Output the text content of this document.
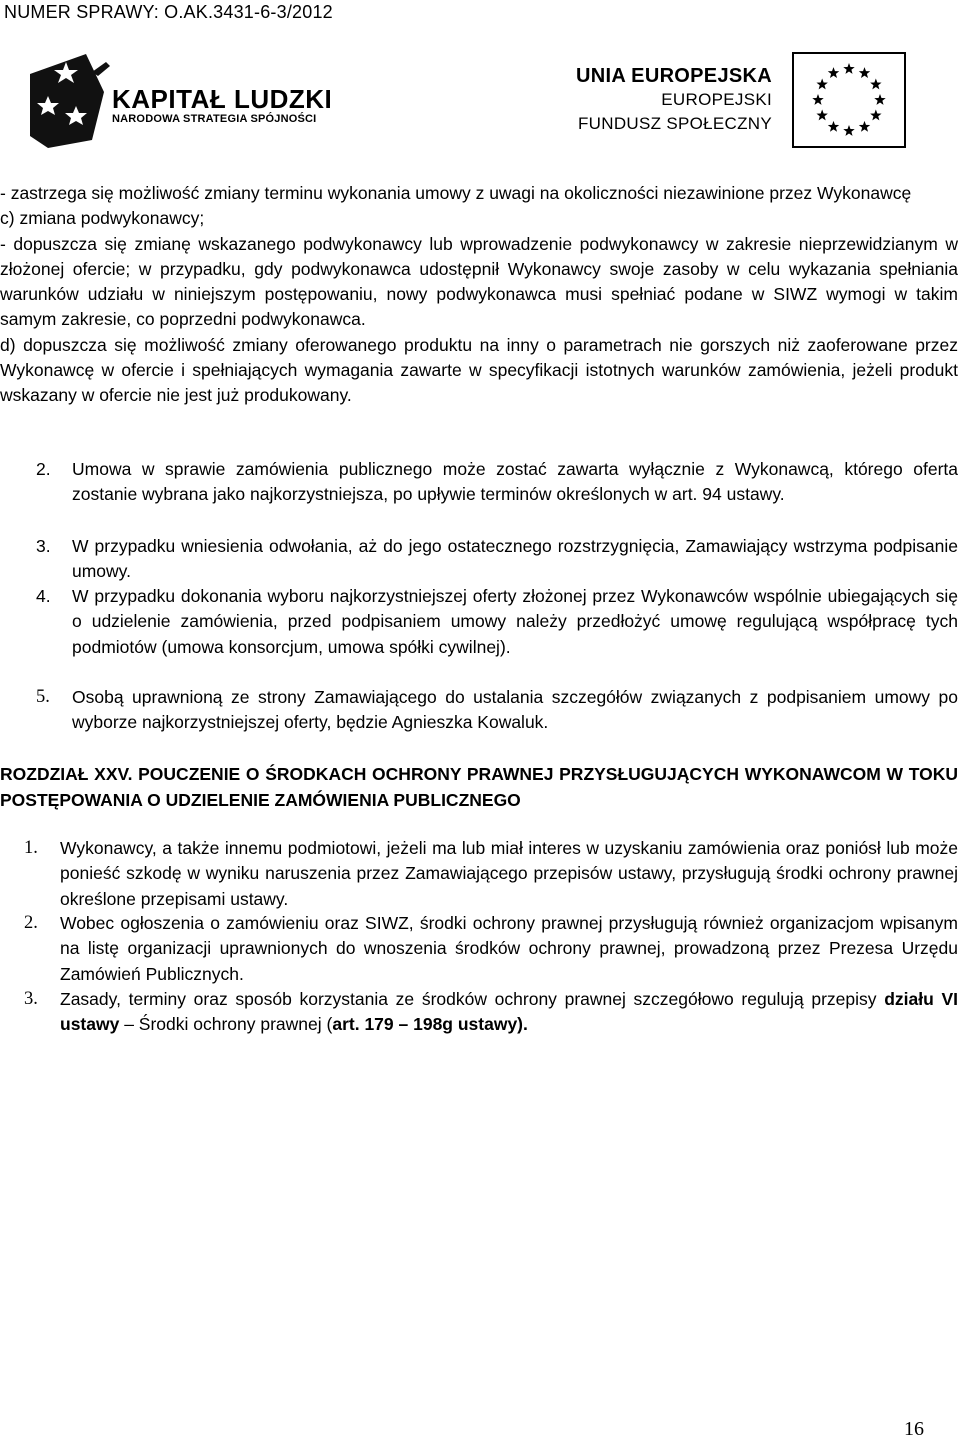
NUMER SPRAWY: O.AK.3431-6-3/2012
KAPITAŁ LUDZKI
NARODOWA STRATEGIA SPÓJNOŚCI
UNIA EUROPEJSKA
EUROPEJSKI
FUNDUSZ SPOŁECZNY

- zastrzega się możliwość zmiany terminu wykonania umowy z uwagi na okoliczności niezawinione przez Wykonawcę

c) zmiana podwykonawcy;

- dopuszcza się zmianę wskazanego podwykonawcy lub wprowadzenie podwykonawcy w zakresie nieprzewidzianym w złożonej ofercie; w przypadku, gdy podwykonawca udostępnił Wykonawcy swoje zasoby w celu wykazania spełniania warunków udziału w niniejszym postępowaniu, nowy podwykonawca musi spełniać podane w SIWZ wymogi w takim samym zakresie, co poprzedni podwykonawca.

d) dopuszcza się możliwość zmiany oferowanego produktu na inny o parametrach nie gorszych niż zaoferowane przez Wykonawcę w ofercie i spełniających wymagania zawarte w specyfikacji istotnych warunków zamówienia, jeżeli produkt wskazany w ofercie nie jest już produkowany.

2. Umowa w sprawie zamówienia publicznego może zostać zawarta wyłącznie z Wykonawcą, którego oferta zostanie wybrana jako najkorzystniejsza, po upływie terminów określonych w art. 94 ustawy.
3. W przypadku wniesienia odwołania, aż do jego ostatecznego rozstrzygnięcia, Zamawiający wstrzyma podpisanie umowy.
4. W przypadku dokonania wyboru najkorzystniejszej oferty złożonej przez Wykonawców wspólnie ubiegających się o udzielenie zamówienia, przed podpisaniem umowy należy przedłożyć umowę regulującą współpracę tych podmiotów (umowa konsorcjum, umowa spółki cywilnej).
5. Osobą uprawnioną ze strony Zamawiającego do ustalania szczegółów związanych z podpisaniem umowy po wyborze najkorzystniejszej oferty, będzie Agnieszka Kowaluk.
ROZDZIAŁ XXV. POUCZENIE O ŚRODKACH OCHRONY PRAWNEJ PRZYSŁUGUJĄCYCH WYKONAWCOM W TOKU POSTĘPOWANIA O UDZIELENIE ZAMÓWIENIA PUBLICZNEGO
1. Wykonawcy, a także innemu podmiotowi, jeżeli ma lub miał interes w uzyskaniu zamówienia oraz poniósł lub może ponieść szkodę w wyniku naruszenia przez Zamawiającego przepisów ustawy, przysługują środki ochrony prawnej określone przepisami ustawy.
2. Wobec ogłoszenia o zamówieniu oraz SIWZ, środki ochrony prawnej przysługują również organizacjom wpisanym na listę organizacji uprawnionych do wnoszenia środków ochrony prawnej, prowadzoną przez Prezesa Urzędu Zamówień Publicznych.
3. Zasady, terminy oraz sposób korzystania ze środków ochrony prawnej szczegółowo regulują przepisy działu VI ustawy – Środki ochrony prawnej (art. 179 – 198g ustawy).
16
